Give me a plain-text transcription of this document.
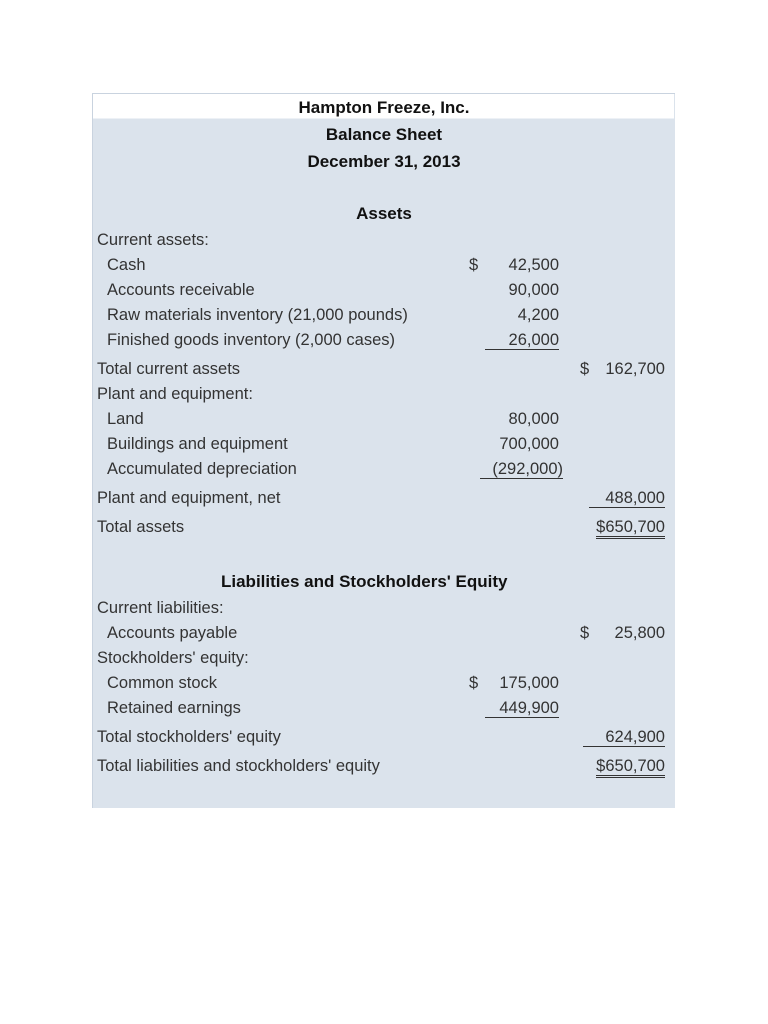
Hampton Freeze, Inc.
Balance Sheet
December 31, 2013
Assets
Current assets:
Cash	$	42,500
Accounts receivable	90,000
Raw materials inventory (21,000 pounds)	4,200
Finished goods inventory (2,000 cases)	26,000
Total current assets	$ 162,700
Plant and equipment:
Land	80,000
Buildings and equipment	700,000
Accumulated depreciation	(292,000)
Plant and equipment, net	488,000
Total assets	$650,700
Liabilities and Stockholders' Equity
Current liabilities:
Accounts payable	$	25,800
Stockholders' equity:
Common stock	$	175,000
Retained earnings	449,900
Total stockholders' equity	624,900
Total liabilities and stockholders' equity	$650,700
